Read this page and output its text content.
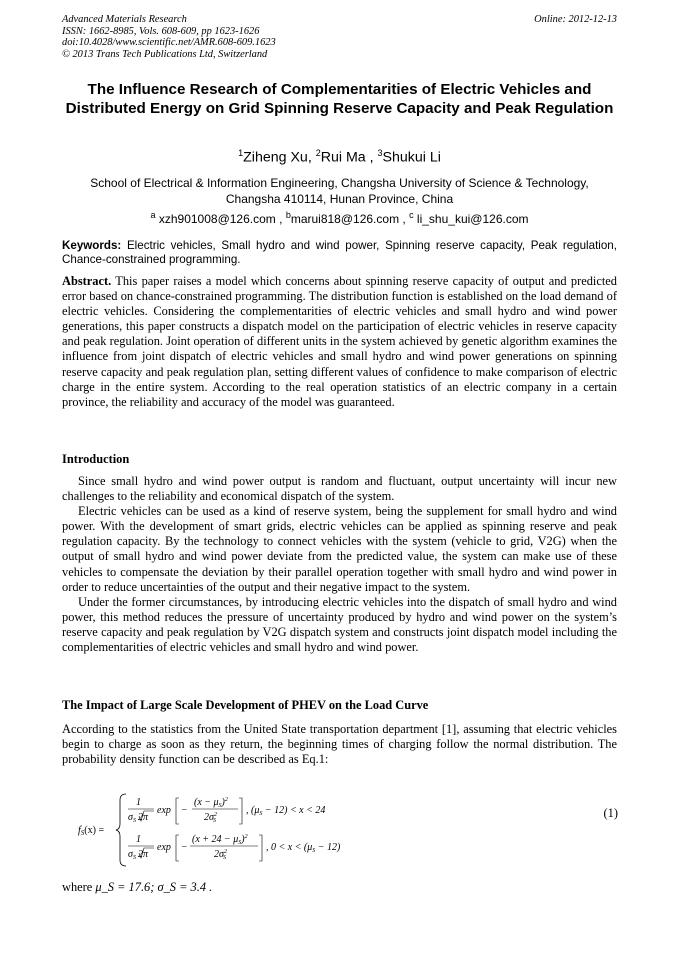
Advanced Materials Research
ISSN: 1662-8985, Vols. 608-609, pp 1623-1626
doi:10.4028/www.scientific.net/AMR.608-609.1623
© 2013 Trans Tech Publications Ltd, Switzerland
Online: 2012-12-13
The Influence Research of Complementarities of Electric Vehicles and Distributed Energy on Grid Spinning Reserve Capacity and Peak Regulation
$^1$Ziheng Xu, $^2$Rui Ma , $^3$Shukui Li
School of Electrical & Information Engineering, Changsha University of Science & Technology,
Changsha 410114, Hunan Province, China
$^a$ xzh901008@126.com , $^b$marui818@126.com , $^c$ li_shu_kui@126.com
Keywords: Electric vehicles, Small hydro and wind power, Spinning reserve capacity, Peak regulation, Chance-constrained programming.
Abstract. This paper raises a model which concerns about spinning reserve capacity of output and predicted error based on chance-constrained programming. The distribution function is established on the load demand of electric vehicles. Considering the complementarities of electric vehicles and small hydro and wind power generations, this paper constructs a dispatch model on the participation of electric vehicles in reserve capacity and peak regulation. Joint operation of different units in the system achieved by genetic algorithm examines the influence from joint dispatch of electric vehicles and small hydro and wind power generations on spinning reserve capacity and peak regulation plan, setting different values of confidence to make comparison of electric charge in the entire system. According to the real operation statistics of an electric company in a certain province, the reliability and accuracy of the model was guaranteed.
Introduction
Since small hydro and wind power output is random and fluctuant, output uncertainty will incur new challenges to the reliability and economical dispatch of the system.
Electric vehicles can be used as a kind of reserve system, being the supplement for small hydro and wind power. With the development of smart grids, electric vehicles can be applied as spinning reserve and peak regulation capacity. By the technology to connect vehicles with the system (vehicle to grid, V2G) when the output of small hydro and wind power deviate from the predicted value, the system can make use of these vehicles to compensate the deviation by their parallel operation together with small hydro and wind power in order to reduce uncertainties of the output and their negative impact to the system.
Under the former circumstances, by introducing electric vehicles into the dispatch of small hydro and wind power, this method reduces the pressure of uncertainty produced by hydro and wind power on the system’s reserve capacity and peak regulation by V2G dispatch system and constructs joint dispatch model including the complementarities of electric vehicles and small hydro and wind power.
The Impact of Large Scale Development of PHEV on the Load Curve
According to the statistics from the United State transportation department [1], assuming that electric vehicles begin to charge as soon as they return, the beginning times of charging follow the normal distribution. The probability density function can be described as Eq.1:
$f_S(x)$ =
1
$\sigma_S$ 2π
exp −
$(x - \mu_S)^2$
$2\sigma^2$ S
, $(\mu_S - 12) < x < 24$
1
$\sigma_S$ 2π
exp −
$(x + 24 - \mu_S)^2$
$2\sigma^2$ S
, $0 < x < (\mu_S - 12)$
(1)
where μ_S = 17.6; σ_S = 3.4 .
